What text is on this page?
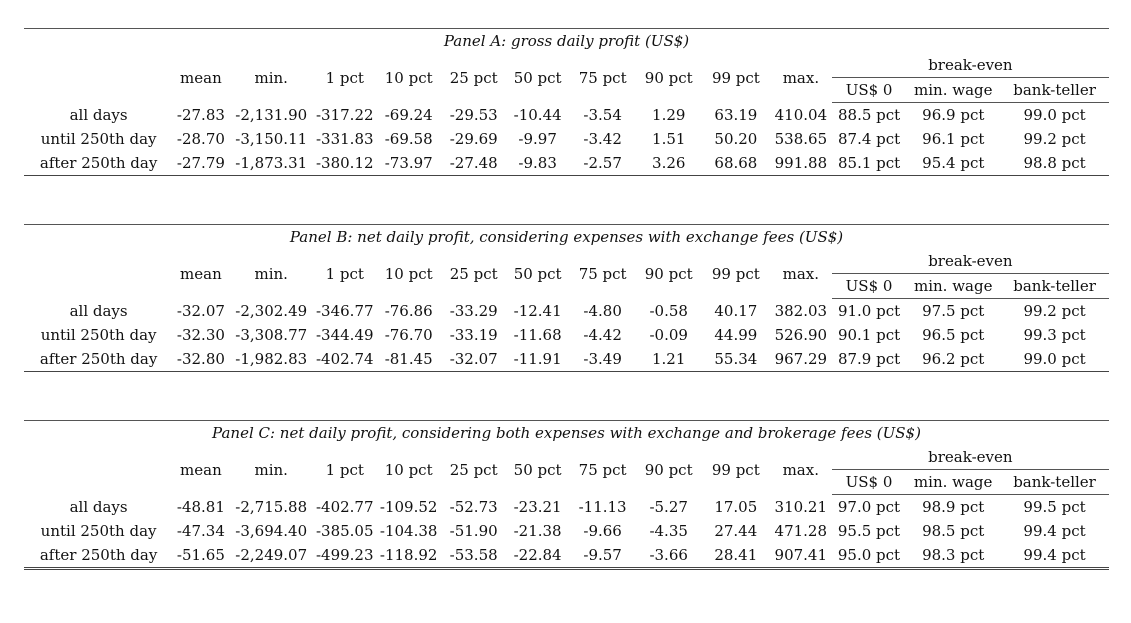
Panel A: gross daily profit (US$)													
	mean	min.	1 pct	10 pct	25 pct	50 pct	75 pct	90 pct	99 pct	max.	break-even		
											US$ 0	min. wage	bank-teller
all days	-27.83	-2,131.90	-317.22	-69.24	-29.53	-10.44	-3.54	1.29	63.19	410.04	88.5 pct	96.9 pct	99.0 pct
until 250th day	-28.70	-3,150.11	-331.83	-69.58	-29.69	-9.97	-3.42	1.51	50.20	538.65	87.4 pct	96.1 pct	99.2 pct
after 250th day	-27.79	-1,873.31	-380.12	-73.97	-27.48	-9.83	-2.57	3.26	68.68	991.88	85.1 pct	95.4 pct	98.8 pct
Panel B: net daily profit, considering expenses with exchange fees (US$)													
	mean	min.	1 pct	10 pct	25 pct	50 pct	75 pct	90 pct	99 pct	max.	break-even		
											US$ 0	min. wage	bank-teller
all days	-32.07	-2,302.49	-346.77	-76.86	-33.29	-12.41	-4.80	-0.58	40.17	382.03	91.0 pct	97.5 pct	99.2 pct
until 250th day	-32.30	-3,308.77	-344.49	-76.70	-33.19	-11.68	-4.42	-0.09	44.99	526.90	90.1 pct	96.5 pct	99.3 pct
after 250th day	-32.80	-1,982.83	-402.74	-81.45	-32.07	-11.91	-3.49	1.21	55.34	967.29	87.9 pct	96.2 pct	99.0 pct
Panel C: net daily profit, considering both expenses with exchange and brokerage fees (US$)													
	mean	min.	1 pct	10 pct	25 pct	50 pct	75 pct	90 pct	99 pct	max.	break-even		
											US$ 0	min. wage	bank-teller
all days	-48.81	-2,715.88	-402.77	-109.52	-52.73	-23.21	-11.13	-5.27	17.05	310.21	97.0 pct	98.9 pct	99.5 pct
until 250th day	-47.34	-3,694.40	-385.05	-104.38	-51.90	-21.38	-9.66	-4.35	27.44	471.28	95.5 pct	98.5 pct	99.4 pct
after 250th day	-51.65	-2,249.07	-499.23	-118.92	-53.58	-22.84	-9.57	-3.66	28.41	907.41	95.0 pct	98.3 pct	99.4 pct
